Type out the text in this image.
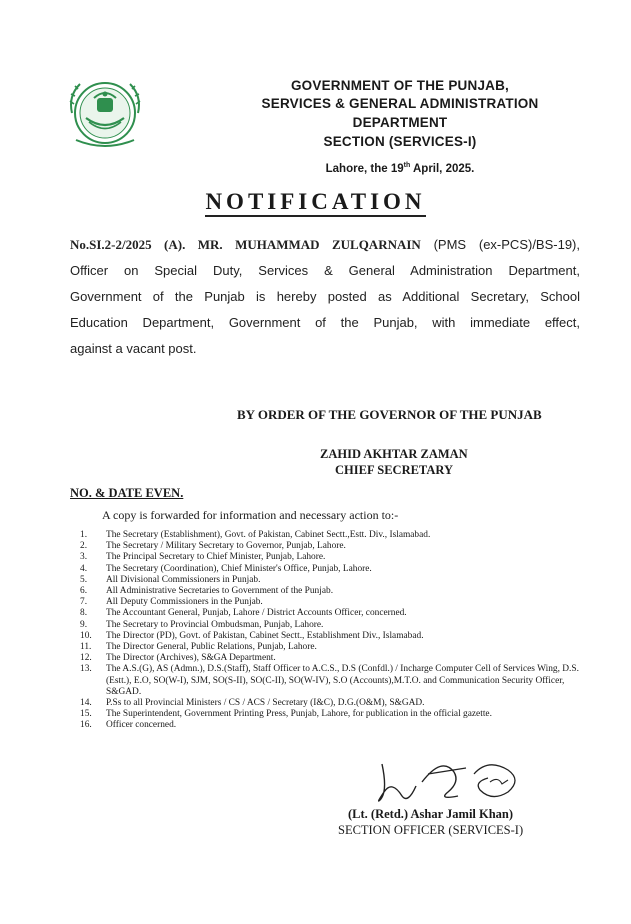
GOVERNMENT OF THE PUNJAB,
SERVICES & GENERAL ADMINISTRATION
DEPARTMENT
SECTION (SERVICES-I)
Lahore, the 19th April, 2025.
NOTIFICATION
No.SI.2-2/2025 (A). MR. MUHAMMAD ZULQARNAIN (PMS (ex-PCS)/BS-19),
Officer on Special Duty, Services & General Administration Department,
Government of the Punjab is hereby posted as Additional Secretary, School
Education Department, Government of the Punjab, with immediate effect,
against a vacant post.
BY ORDER OF THE GOVERNOR OF THE PUNJAB
ZAHID AKHTAR ZAMAN
CHIEF SECRETARY
NO. & DATE EVEN.
A copy is forwarded for information and necessary action to:-
1. The Secretary (Establishment), Govt. of Pakistan, Cabinet Sectt.,Estt. Div., Islamabad.
2. The Secretary / Military Secretary to Governor, Punjab, Lahore.
3. The Principal Secretary to Chief Minister, Punjab, Lahore.
4. The Secretary (Coordination), Chief Minister's Office, Punjab, Lahore.
5. All Divisional Commissioners in Punjab.
6. All Administrative Secretaries to Government of the Punjab.
7. All Deputy Commissioners in the Punjab.
8. The Accountant General, Punjab, Lahore / District Accounts Officer, concerned.
9. The Secretary to Provincial Ombudsman, Punjab, Lahore.
10. The Director (PD), Govt. of Pakistan, Cabinet Sectt., Establishment Div., Islamabad.
11. The Director General, Public Relations, Punjab, Lahore.
12. The Director (Archives), S&GA Department.
13. The A.S.(G), AS (Admn.), D.S.(Staff), Staff Officer to A.C.S., D.S (Confdl.) / Incharge Computer Cell of Services Wing, D.S.(Estt.), E.O, SO(W-I), SJM, SO(S-II), SO(C-II), SO(W-IV), S.O (Accounts),M.T.O. and Communication Security Officer, S&GAD.
14. P.Ss to all Provincial Ministers / CS / ACS / Secretary (I&C), D.G.(O&M), S&GAD.
15. The Superintendent, Government Printing Press, Punjab, Lahore, for publication in the official gazette.
16. Officer concerned.
(Lt. (Retd.) Ashar Jamil Khan)
SECTION OFFICER (SERVICES-I)
